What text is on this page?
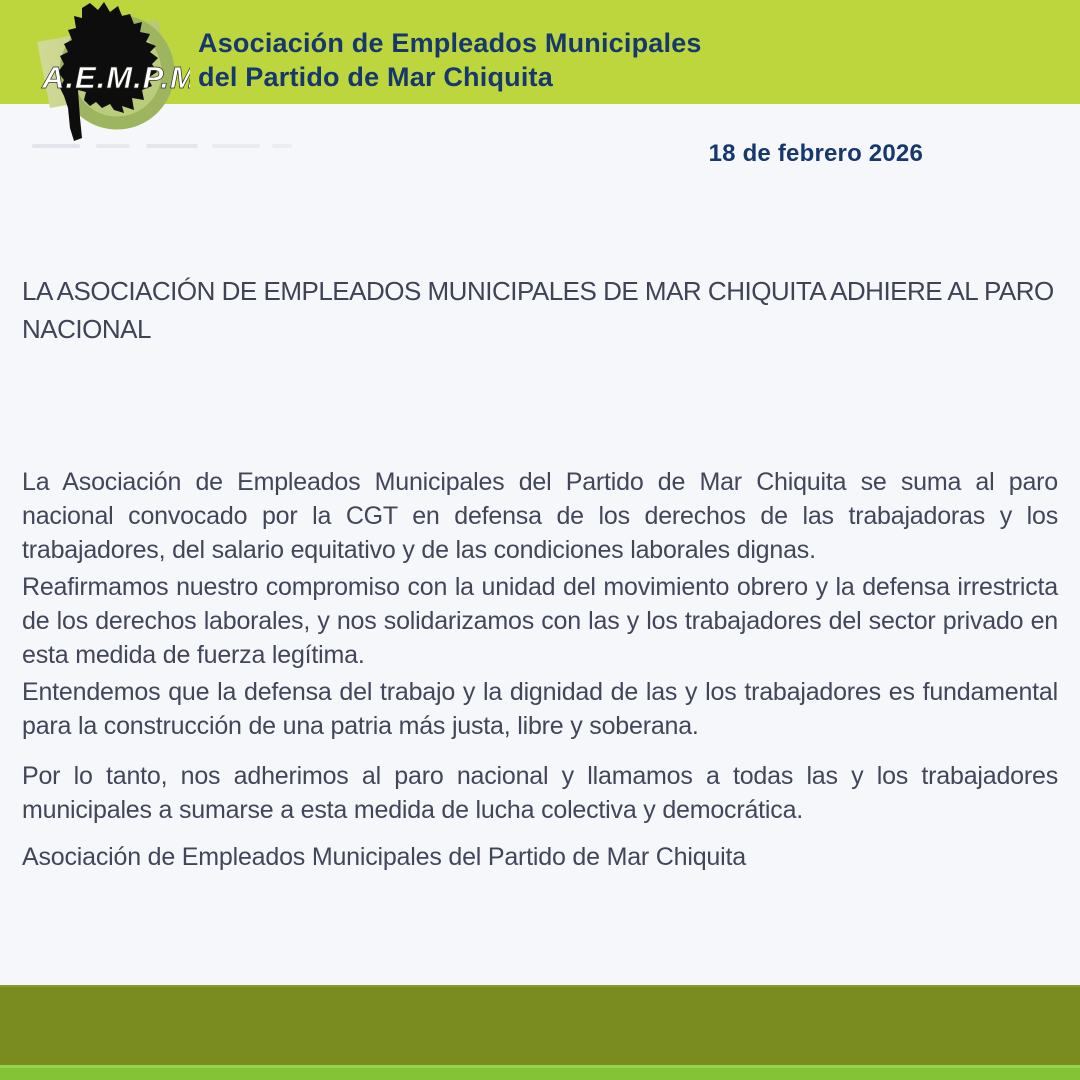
A.E.M.P.M
Asociación de Empleados Municipales
del Partido de Mar Chiquita
18 de febrero 2026
LA ASOCIACIÓN DE EMPLEADOS MUNICIPALES DE MAR CHIQUITA ADHIERE AL PARO NACIONAL

La Asociación de Empleados Municipales del Partido de Mar Chiquita se suma al paro nacional convocado por la CGT en defensa de los derechos de las trabajadoras y los trabajadores, del salario equitativo y de las condiciones laborales dignas.

Reafirmamos nuestro compromiso con la unidad del movimiento obrero y la defensa irrestricta de los derechos laborales, y nos solidarizamos con las y los trabajadores del sector privado en esta medida de fuerza legítima.

Entendemos que la defensa del trabajo y la dignidad de las y los trabajadores es fundamental para la construcción de una patria más justa, libre y soberana.

Por lo tanto, nos adherimos al paro nacional y llamamos a todas las y los trabajadores municipales a sumarse a esta medida de lucha colectiva y democrática.

Asociación de Empleados Municipales del Partido de Mar Chiquita
